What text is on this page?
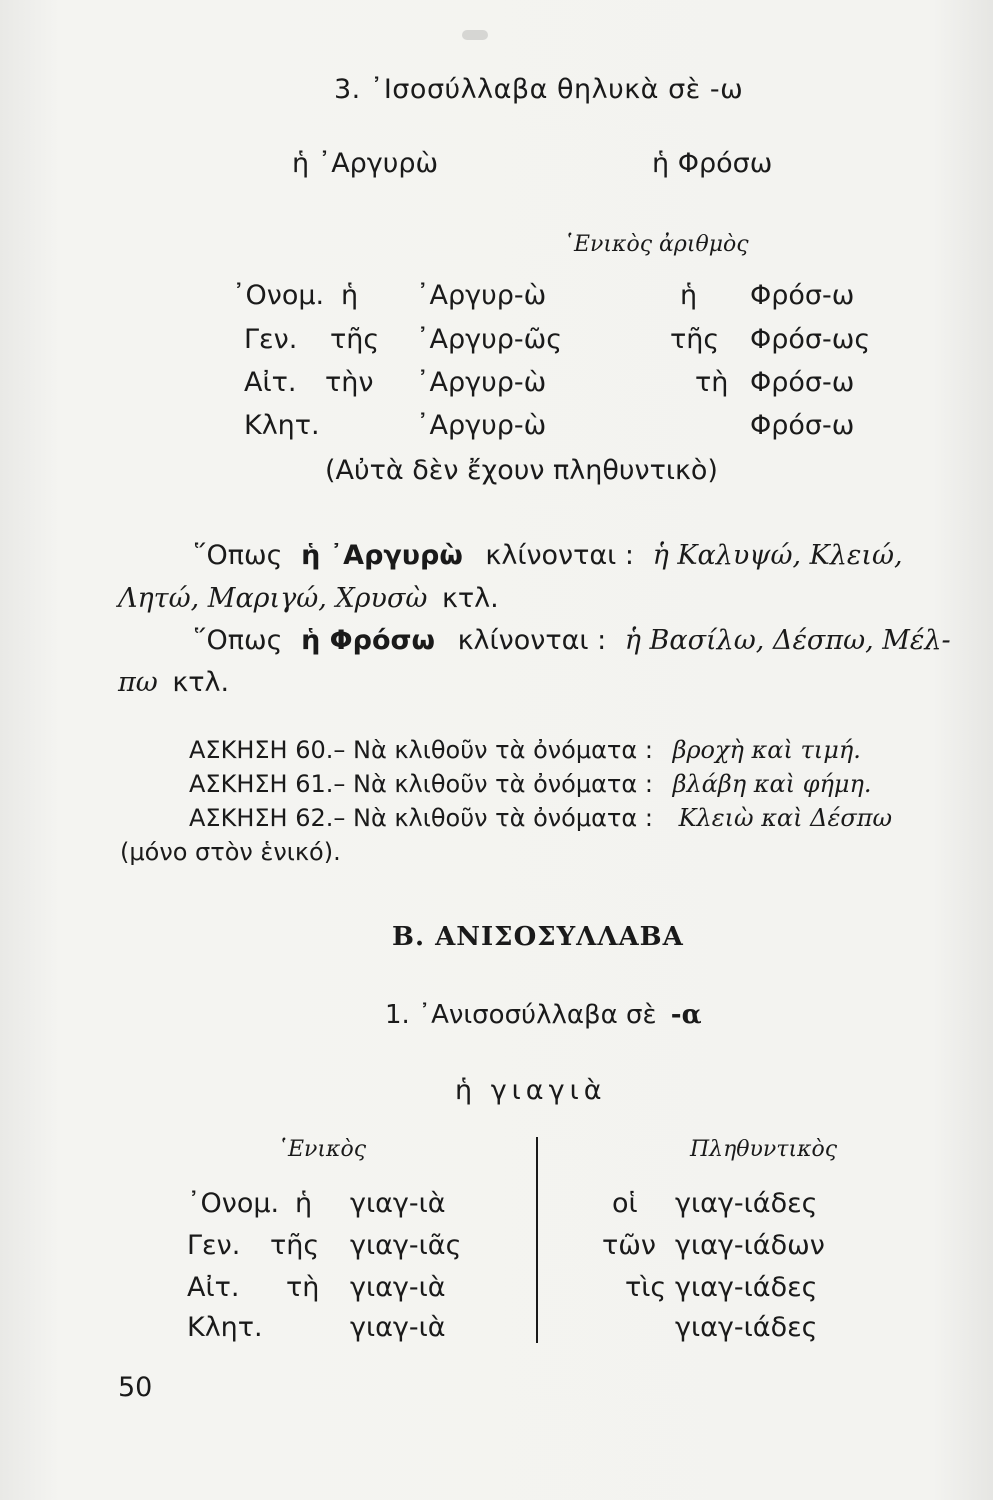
3. ᾿Ισοσύλλαβα θηλυκὰ σὲ -ω
ἡ ᾿Αργυρὼ	ἡ Φρόσω
῾Ενικὸς ἀριθμὸς
᾿Ονομ. ἡ ᾿Αργυρ-ὼ	ἡ Φρόσ-ω
Γεν. τῆς ᾿Αργυρ-ῶς	τῆς Φρόσ-ως
Αἰτ. τὴν ᾿Αργυρ-ὼ	τὴ Φρόσ-ω
Κλητ.	᾿Αργυρ-ὼ	Φρόσ-ω
(Αὐτὰ δὲν ἔχουν πληθυντικὸ)
῞Οπως ἡ ᾿Αργυρὼ κλίνονται : ἡ Καλυψώ, Κλειώ,
Λητώ, Μαριγώ, Χρυσὼ κτλ.
῞Οπως ἡ Φρόσω κλίνονται : ἡ Βασίλω, Δέσπω, Μέλ-
πω κτλ.
ΑΣΚΗΣΗ 60.– Νὰ κλιθοῦν τὰ ὀνόματα : βροχὴ καὶ τιμή.
ΑΣΚΗΣΗ 61.– Νὰ κλιθοῦν τὰ ὀνόματα : βλάβη καὶ φήμη.
ΑΣΚΗΣΗ 62.– Νὰ κλιθοῦν τὰ ὀνόματα : Κλειὼ καὶ Δέσπω
(μόνο στὸν ἑνικό).
Β. ΑΝΙΣΟΣΥΛΛΑΒΑ
1. ᾿Ανισοσύλλαβα σὲ -α
ἡ γιαγιὰ
῾Ενικὸς	Πληθυντικὸς
᾿Ονομ. ἡ γιαγ-ιὰ	οἱ γιαγ-ιάδες
Γεν. τῆς γιαγ-ιᾶς	τῶν γιαγ-ιάδων
Αἰτ. τὴ γιαγ-ιὰ	τὶς γιαγ-ιάδες
Κλητ.	γιαγ-ιὰ	γιαγ-ιάδες
50
